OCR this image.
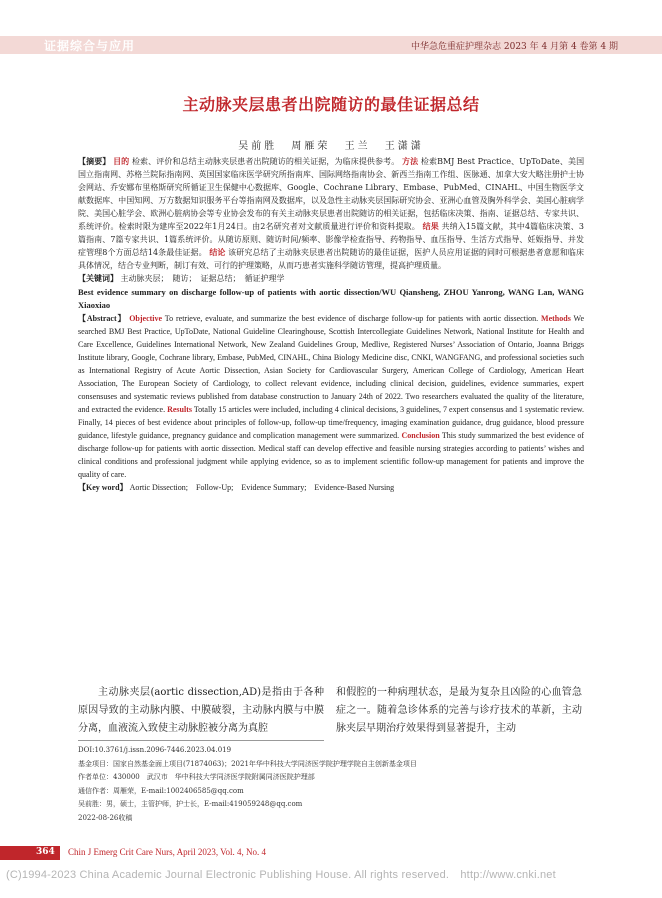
证据综合与应用	中华急危重症护理杂志 2023 年 4 月第 4 卷第 4 期
主动脉夹层患者出院随访的最佳证据总结
吴前胜 周雁荣 王兰 王潇潇

【摘要】 目的 检索、评价和总结主动脉夹层患者出院随访的相关证据，为临床提供参考。 方法 检索BMJ Best Practice、UpToDate、美国国立指南网、苏格兰院际指南网、英国国家临床医学研究所指南库、国际网络指南协会、新西兰指南工作组、医脉通、加拿大安大略注册护士协会网站、乔安娜布里格斯研究所循证卫生保健中心数据库、Google、Cochrane Library、Embase、PubMed、CINAHL、中国生物医学文献数据库、中国知网、万方数据知识服务平台等指南网及数据库，以及急性主动脉夹层国际研究协会、亚洲心血管及胸外科学会、美国心脏病学院、美国心脏学会、欧洲心脏病协会等专业协会发布的有关主动脉夹层患者出院随访的相关证据，包括临床决策、指南、证据总结、专家共识、系统评价。检索时限为建库至2022年1月24日。由2名研究者对文献质量进行评价和资料提取。 结果 共纳入15篇文献，其中4篇临床决策、3篇指南、7篇专家共识、1篇系统评价。从随访原则、随访时间/频率、影像学检查指导、药物指导、血压指导、生活方式指导、妊娠指导、并发症管理8个方面总结14条最佳证据。 结论 该研究总结了主动脉夹层患者出院随访的最佳证据，医护人员应用证据的同时可根据患者意愿和临床具体情况，结合专业判断，制订有效、可行的护理策略，从而巧患者实施科学随访管理，提高护理质量。

【关键词】 主动脉夹层；　随访；　证据总结；　循证护理学

Best evidence summary on discharge follow-up of patients with aortic dissection/WU Qiansheng, ZHOU Yanrong, WANG Lan, WANG Xiaoxiao

【Abstract】 Objective To retrieve, evaluate, and summarize the best evidence of discharge follow-up for patients with aortic dissection. Methods We searched BMJ Best Practice, UpToDate, National Guideline Clearinghouse, Scottish Intercollegiate Guidelines Network, National Institute for Health and Care Excellence, Guidelines International Network, New Zealand Guidelines Group, Medlive, Registered Nurses’ Association of Ontario, Joanna Briggs Institute library, Google, Cochrane library, Embase, PubMed, CINAHL, China Biology Medicine disc, CNKI, WANGFANG, and professional societies such as International Registry of Acute Aortic Dissection, Asian Society for Cardiovascular Surgery, American College of Cardiology, American Heart Association, The European Society of Cardiology, to collect relevant evidence, including clinical decision, guidelines, evidence summaries, expert consensuses and systematic reviews published from database construction to January 24th of 2022. Two researchers evaluated the quality of the literature, and extracted the evidence. Results Totally 15 articles were included, including 4 clinical decisions, 3 guidelines, 7 expert consensus and 1 systematic review. Finally, 14 pieces of best evidence about principles of follow-up, follow-up time/frequency, imaging examination guidance, drug guidance, blood pressure guidance, lifestyle guidance, pregnancy guidance and complication management were summarized. Conclusion This study summarized the best evidence of discharge follow-up for patients with aortic dissection. Medical staff can develop effective and feasible nursing strategies according to patients’ wishes and clinical conditions and professional judgment while applying evidence, so as to implement scientific follow-up management for patients and improve the quality of care.

【Key word】 Aortic Dissection;　Follow-Up;　Evidence Summary;　Evidence-Based Nursing

主动脉夹层(aortic dissection,AD)是指由于各种原因导致的主动脉内膜、中膜破裂，主动脉内膜与中膜分离，血液流入致使主动脉腔被分离为真腔
和假腔的一种病理状态，是最为复杂且凶险的心血管急症之一。随着急诊体系的完善与诊疗技术的革新，主动脉夹层早期治疗效果得到显著提升，主动

DOI:10.3761/j.issn.2096-7446.2023.04.019

基金项目：国家自然基金面上项目(71874063)；2021年华中科技大学同济医学院护理学院自主创新基金项目

作者单位：430000　武汉市　华中科技大学同济医学院附属同济医院护理部

通信作者：周雁荣，E-mail:1002406585@qq.com

吴前胜：男，硕士，主管护师，护士长，E-mail:419059248@qq.com

2022-08-26收稿

364 Chin J Emerg Crit Care Nurs, April 2023, Vol. 4, No. 4
(C)1994-2023 China Academic Journal Electronic Publishing House. All rights reserved.　http://www.cnki.net
